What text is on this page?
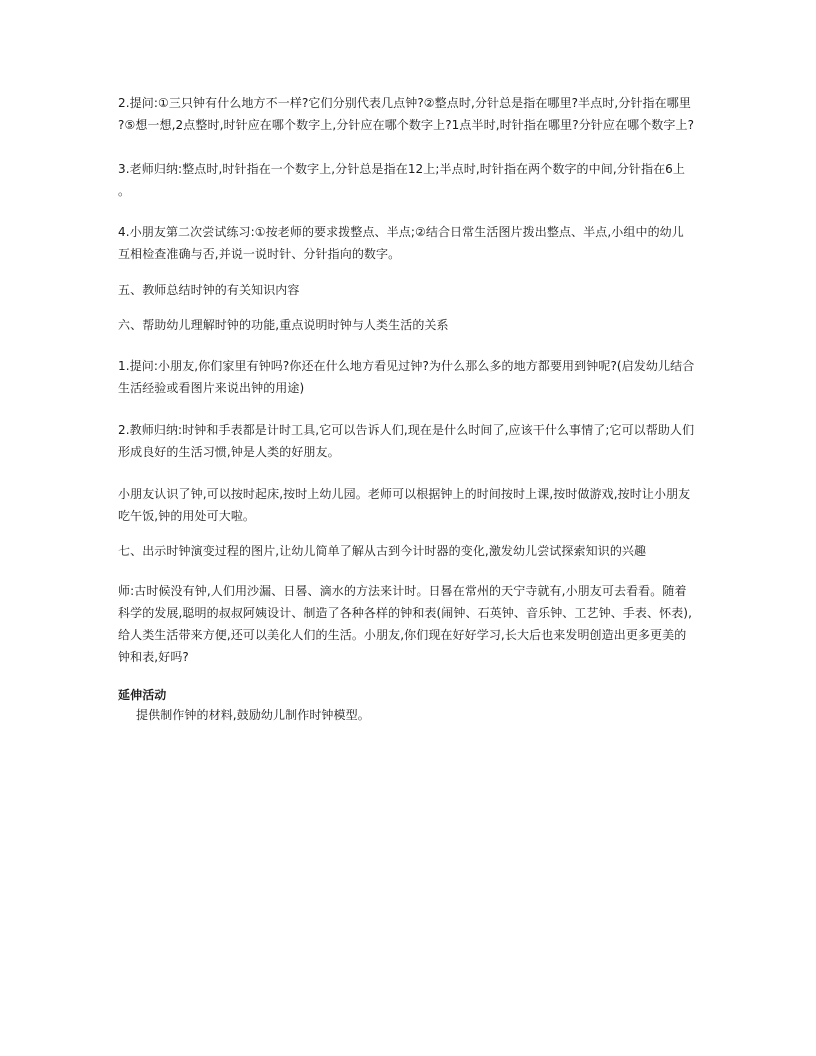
2.提问:①三只钟有什么地方不一样?它们分别代表几点钟?②整点时,分针总是指在哪里?半点时,分针指在哪里
?⑤想一想,2点整时,时针应在哪个数字上,分针应在哪个数字上?1点半时,时针指在哪里?分针应在哪个数字上?
3.老师归纳:整点时,时针指在一个数字上,分针总是指在12上;半点时,时针指在两个数字的中间,分针指在6上
。
4.小朋友第二次尝试练习:①按老师的要求拨整点、半点;②结合日常生活图片拨出整点、半点,小组中的幼儿
互相检查准确与否,并说一说时针、分针指向的数字。
五、教师总结时钟的有关知识内容
六、帮助幼儿理解时钟的功能,重点说明时钟与人类生活的关系
1.提问:小朋友,你们家里有钟吗?你还在什么地方看见过钟?为什么那么多的地方都要用到钟呢?(启发幼儿结合
生活经验或看图片来说出钟的用途)
2.教师归纳:时钟和手表都是计时工具,它可以告诉人们,现在是什么时间了,应该干什么事情了;它可以帮助人们
形成良好的生活习惯,钟是人类的好朋友。
小朋友认识了钟,可以按时起床,按时上幼儿园。老师可以根据钟上的时间按时上课,按时做游戏,按时让小朋友
吃午饭,钟的用处可大啦。
七、出示时钟演变过程的图片,让幼儿简单了解从古到今计时器的变化,激发幼儿尝试探索知识的兴趣
师:古时候没有钟,人们用沙漏、日晷、滴水的方法来计时。日晷在常州的天宁寺就有,小朋友可去看看。随着
科学的发展,聪明的叔叔阿姨设计、制造了各种各样的钟和表(闹钟、石英钟、音乐钟、工艺钟、手表、怀表),
给人类生活带来方便,还可以美化人们的生活。小朋友,你们现在好好学习,长大后也来发明创造出更多更美的
钟和表,好吗?
延伸活动
提供制作钟的材料,鼓励幼儿制作时钟模型。
